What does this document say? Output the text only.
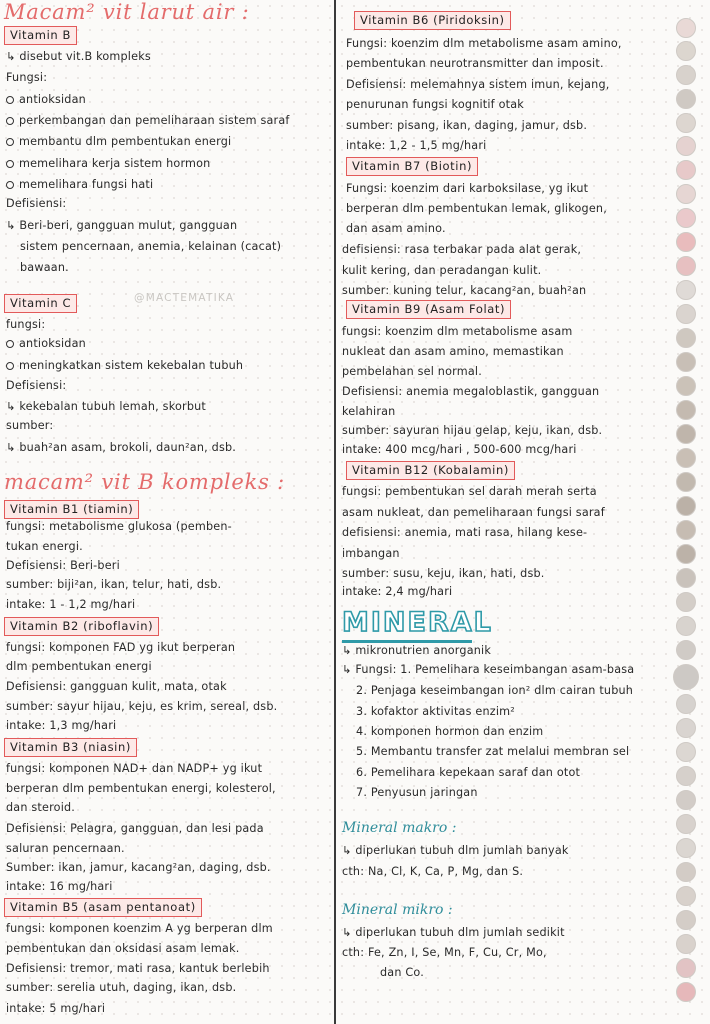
Macam² vit larut air :
Vitamin B
↳ disebut vit.B kompleks
Fungsi:
antioksidan
perkembangan dan pemeliharaan sistem saraf
membantu dlm pembentukan energi
memelihara kerja sistem hormon
memelihara fungsi hati
Defisiensi:
↳ Beri-beri, gangguan mulut, gangguan
sistem pencernaan, anemia, kelainan (cacat)
bawaan.
Vitamin C	@MACTEMATIKA
fungsi:
antioksidan
meningkatkan sistem kekebalan tubuh
Defisiensi:
↳ kekebalan tubuh lemah, skorbut
sumber:
↳ buah²an asam, brokoli, daun²an, dsb.
macam² vit B kompleks :
Vitamin B1 (tiamin)
fungsi: metabolisme glukosa (pemben-
tukan energi.
Defisiensi: Beri-beri
sumber: biji²an, ikan, telur, hati, dsb.
intake: 1 - 1,2 mg/hari
Vitamin B2 (riboflavin)
fungsi: komponen FAD yg ikut berperan
dlm pembentukan energi
Defisiensi: gangguan kulit, mata, otak
sumber: sayur hijau, keju, es krim, sereal, dsb.
intake: 1,3 mg/hari
Vitamin B3 (niasin)
fungsi: komponen NAD+ dan NADP+ yg ikut
berperan dlm pembentukan energi, kolesterol,
dan steroid.
Defisiensi: Pelagra, gangguan, dan lesi pada
saluran pencernaan.
Sumber: ikan, jamur, kacang²an, daging, dsb.
intake: 16 mg/hari
Vitamin B5 (asam pentanoat)
fungsi: komponen koenzim A yg berperan dlm
pembentukan dan oksidasi asam lemak.
Defisiensi: tremor, mati rasa, kantuk berlebih
sumber: serelia utuh, daging, ikan, dsb.
intake: 5 mg/hari
Vitamin B6 (Piridoksin)
Fungsi: koenzim dlm metabolisme asam amino,
pembentukan neurotransmitter dan imposit.
Defisiensi: melemahnya sistem imun, kejang,
penurunan fungsi kognitif otak
sumber: pisang, ikan, daging, jamur, dsb.
intake: 1,2 - 1,5 mg/hari
Vitamin B7 (Biotin)
Fungsi: koenzim dari karboksilase, yg ikut
berperan dlm pembentukan lemak, glikogen,
dan asam amino.
defisiensi: rasa terbakar pada alat gerak,
kulit kering, dan peradangan kulit.
sumber: kuning telur, kacang²an, buah²an
Vitamin B9 (Asam Folat)
fungsi: koenzim dlm metabolisme asam
nukleat dan asam amino, memastikan
pembelahan sel normal.
Defisiensi: anemia megaloblastik, gangguan
kelahiran
sumber: sayuran hijau gelap, keju, ikan, dsb.
intake: 400 mcg/hari , 500-600 mcg/hari
Vitamin B12 (Kobalamin)
fungsi: pembentukan sel darah merah serta
asam nukleat, dan pemeliharaan fungsi saraf
defisiensi: anemia, mati rasa, hilang kese-
imbangan
sumber: susu, keju, ikan, hati, dsb.
intake: 2,4 mg/hari
MINERAL
↳ mikronutrien anorganik
↳ Fungsi: 1. Pemelihara keseimbangan asam-basa
2. Penjaga keseimbangan ion² dlm cairan tubuh
3. kofaktor aktivitas enzim²
4. komponen hormon dan enzim
5. Membantu transfer zat melalui membran sel
6. Pemelihara kepekaan saraf dan otot
7. Penyusun jaringan
Mineral makro :
↳ diperlukan tubuh dlm jumlah banyak
cth: Na, Cl, K, Ca, P, Mg, dan S.
Mineral mikro :
↳ diperlukan tubuh dlm jumlah sedikit
cth: Fe, Zn, I, Se, Mn, F, Cu, Cr, Mo,
dan Co.
